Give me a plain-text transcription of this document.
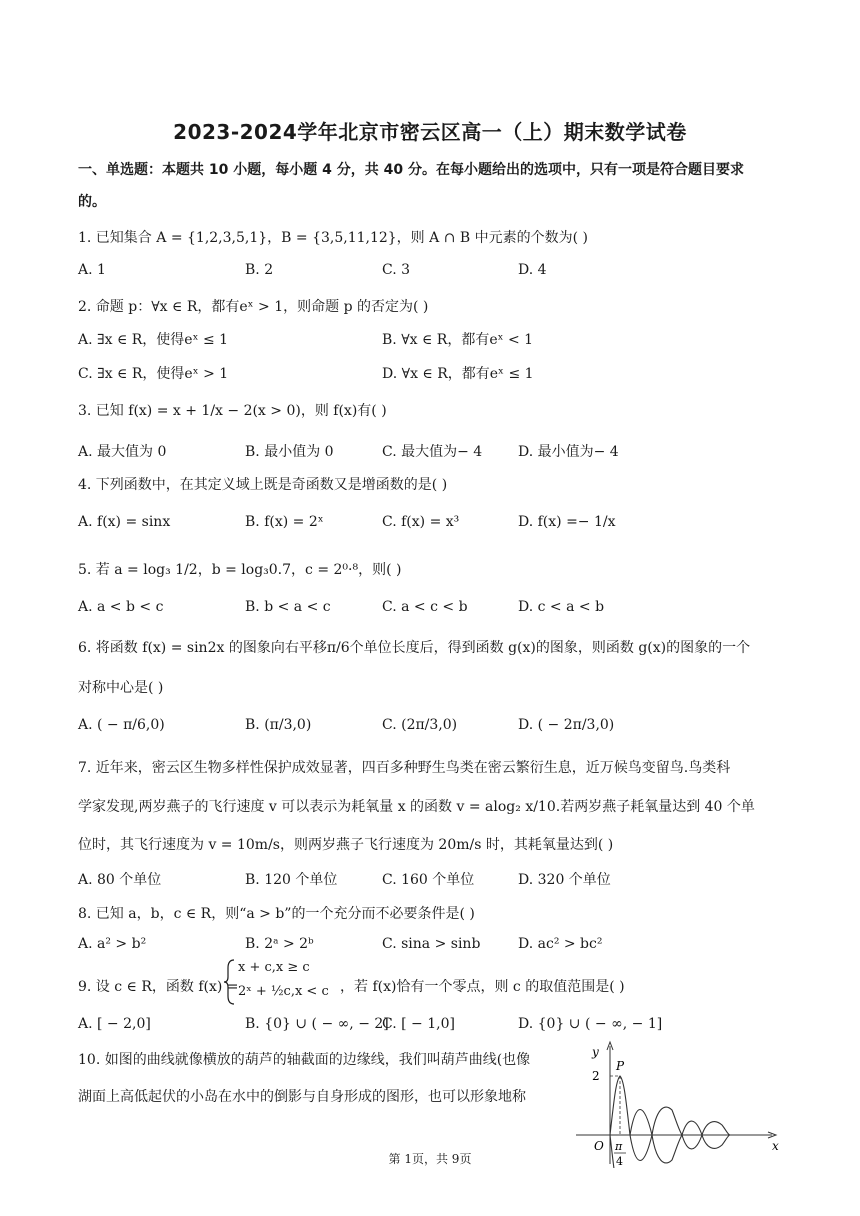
2023-2024学年北京市密云区高一（上）期末数学试卷
一、单选题：本题共 10 小题，每小题 4 分，共 40 分。在每小题给出的选项中，只有一项是符合题目要求
的。
1. 已知集合 A = {1,2,3,5,1}，B = {3,5,11,12}，则 A ∩ B 中元素的个数为( )
A. 1	B. 2	C. 3	D. 4
2. 命题 p：∀x ∈ R，都有eˣ > 1，则命题 p 的否定为( )
A. ∃x ∈ R，使得eˣ ≤ 1	B. ∀x ∈ R，都有eˣ < 1
C. ∃x ∈ R，使得eˣ > 1	D. ∀x ∈ R，都有eˣ ≤ 1
3. 已知 f(x) = x + 1/x − 2(x > 0)，则 f(x)有( )
A. 最大值为 0	B. 最小值为 0	C. 最大值为− 4	D. 最小值为− 4
4. 下列函数中，在其定义域上既是奇函数又是增函数的是( )
A. f(x) = sinx	B. f(x) = 2ˣ	C. f(x) = x³	D. f(x) =− 1/x
5. 若 a = log₃ 1/2，b = log₃0.7，c = 2⁰·⁸，则( )
A. a < b < c	B. b < a < c	C. a < c < b	D. c < a < b
6. 将函数 f(x) = sin2x 的图象向右平移π/6个单位长度后，得到函数 g(x)的图象，则函数 g(x)的图象的一个
对称中心是( )
A. ( − π/6,0)	B. (π/3,0)	C. (2π/3,0)	D. ( − 2π/3,0)
7. 近年来，密云区生物多样性保护成效显著，四百多种野生鸟类在密云繁衍生息，近万候鸟变留鸟.鸟类科
学家发现,两岁燕子的飞行速度 v 可以表示为耗氧量 x 的函数 v = alog₂ x/10.若两岁燕子耗氧量达到 40 个单
位时，其飞行速度为 v = 10m/s，则两岁燕子飞行速度为 20m/s 时，其耗氧量达到( )
A. 80 个单位	B. 120 个单位	C. 160 个单位	D. 320 个单位
8. 已知 a，b，c ∈ R，则“a > b”的一个充分而不必要条件是( )
A. a² > b²	B. 2ᵃ > 2ᵇ	C. sina > sinb	D. ac² > bc²
9. 设 c ∈ R，函数 f(x) =
x + c,x ≥ c
2ˣ + ½c,x < c ，若 f(x)恰有一个零点，则 c 的取值范围是( )
A. [ − 2,0]	B. {0} ∪ ( − ∞, − 2]
C. [ − 1,0]	D. {0} ∪ ( − ∞, − 1]
10. 如图的曲线就像横放的葫芦的轴截面的边缘线，我们叫葫芦曲线(也像
湖面上高低起伏的小岛在水中的倒影与自身形成的图形，也可以形象地称
y
P
2
O π
4
x
第 1页，共 9页
